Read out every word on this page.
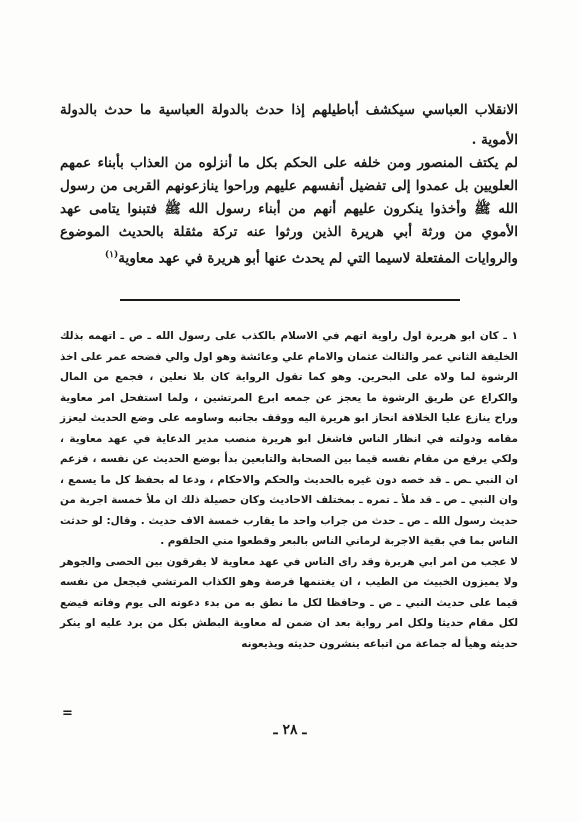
الانقلاب العباسي سيكشف أباطيلهم إذا حدث بالدولة العباسية ما حدث بالدولة الأموية .

لم يكتف المنصور ومن خلفه على الحكم بكل ما أنزلوه من العذاب بأبناء عمهم العلويين بل عمدوا إلى تفضيل أنفسهم عليهم وراحوا ينازعونهم القربى من رسول الله ﷺ وأخذوا ينكرون عليهم أنهم من أبناء رسول الله ﷺ فتبنوا يتامى عهد الأموي من ورثة أبي هريرة الذين ورثوا عنه تركة مثقلة بالحديث الموضوع والروايات المفتعلة لاسيما التي لم يحدث عنها أبو هريرة في عهد معاوية$^{(١)}$

١ ـ كان ابو هريرة اول راوية اتهم في الاسلام بالكذب على رسول الله ـ ص ـ اتهمه بذلك الخليفة الثاني عمر والثالث عثمان والامام علي وعائشة وهو اول والي فضحه عمر على اخذ الرشوة لما ولاه على البحرين. وهو كما تقول الرواية كان بلا نعلين ، فجمع من المال والكراع عن طريق الرشوة ما يعجز عن جمعه ابرع المرتشين ، ولما استفحل امر معاوية وراح ينازع عليا الخلافة انحاز ابو هريرة اليه ووقف بجانبه وساومه على وضع الحديث ليعزز مقامه ودولته في انظار الناس فاشغل ابو هريرة منصب مدير الدعاية في عهد معاوية ، ولكي يرفع من مقام نفسه قيما بين الصحابة والتابعين بدأ بوضع الحديث عن نفسه ، فزعم ان النبي ـص ـ قد خصه دون غيره بالحديث والحكم والاحكام ، ودعا له بحفظ كل ما يسمع ، وان النبي ـ ص ـ قد ملأ ـ تمره ـ بمختلف الاحاديث وكان حصيلة ذلك ان ملأ خمسة اجربة من حديث رسول الله ـ ص ـ حدث من جراب واحد ما يقارب خمسة الاف حديث . وقال: لو حدثت الناس بما في بقية الاجربة لرماني الناس بالبعر وقطعوا مني الحلقوم .

لا عجب من امر ابي هريرة وقد راى الناس في عهد معاوية لا يفرقون بين الحصى والجوهر ولا يميزون الخبيث من الطيب ، ان يغتنمها فرصة وهو الكذاب المرتشي فيجعل من نفسه قيما على حديث النبي ـ ص ـ وحافظا لكل ما نطق به من بدء دعوته الى يوم وفاته فيضع لكل مقام حديثا ولكل امر رواية بعد ان ضمن له معاوية البطش بكل من يرد عليه او ينكر حديثه وهيأ له جماعة من اتباعه ينشرون حديثه ويذيعونه

=
ـ ٢٨ ـ
